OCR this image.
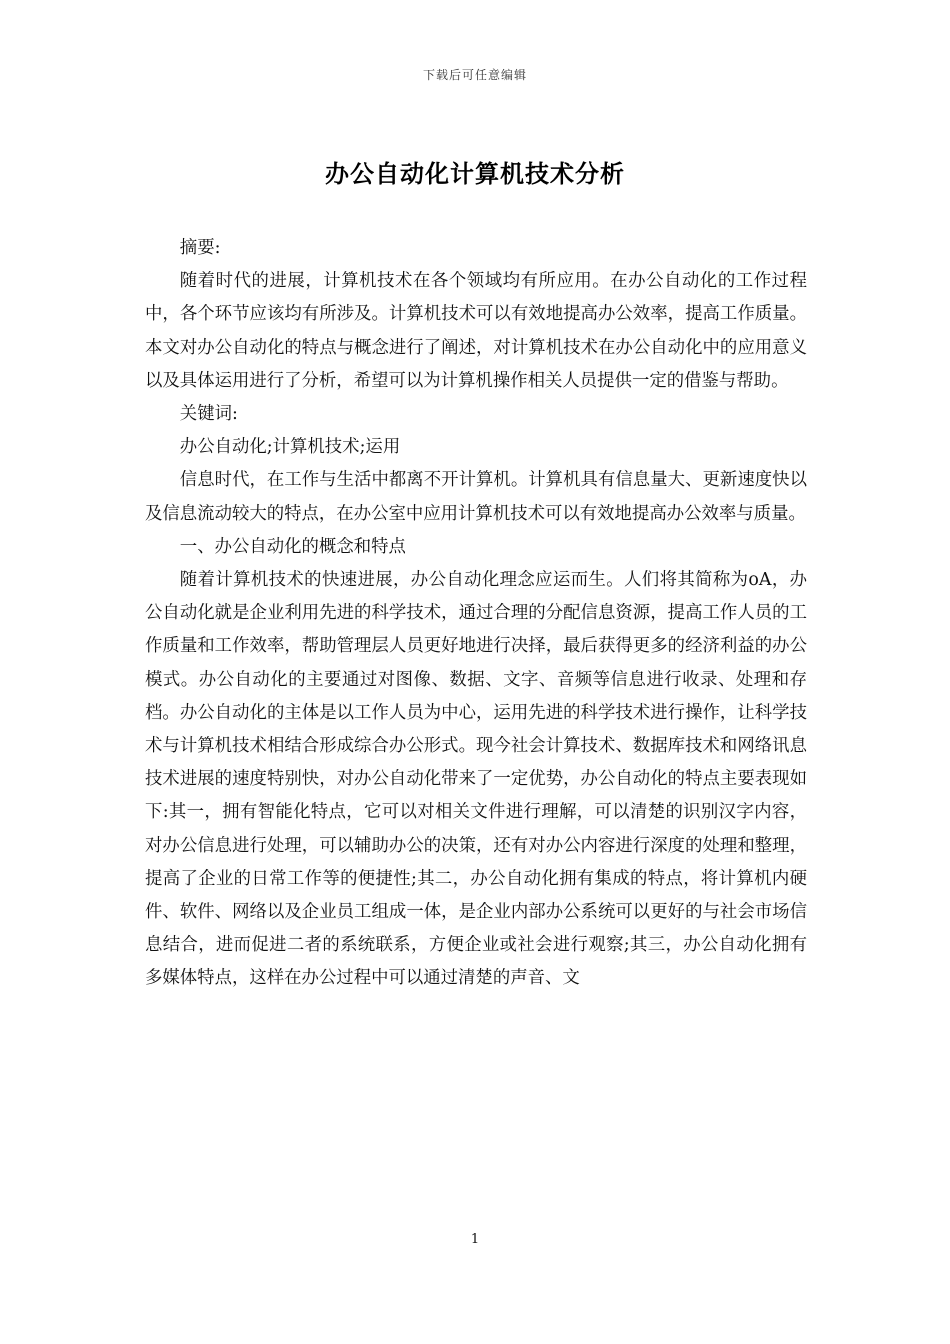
下载后可任意编辑
办公自动化计算机技术分析

摘要:

随着时代的进展，计算机技术在各个领域均有所应用。在办公自动化的工作过程中，各个环节应该均有所涉及。计算机技术可以有效地提高办公效率，提高工作质量。本文对办公自动化的特点与概念进行了阐述，对计算机技术在办公自动化中的应用意义以及具体运用进行了分析，希望可以为计算机操作相关人员提供一定的借鉴与帮助。

关键词:

办公自动化;计算机技术;运用

信息时代，在工作与生活中都离不开计算机。计算机具有信息量大、更新速度快以及信息流动较大的特点，在办公室中应用计算机技术可以有效地提高办公效率与质量。

一、办公自动化的概念和特点

随着计算机技术的快速进展，办公自动化理念应运而生。人们将其简称为oA，办公自动化就是企业利用先进的科学技术，通过合理的分配信息资源，提高工作人员的工作质量和工作效率，帮助管理层人员更好地进行决择，最后获得更多的经济利益的办公模式。办公自动化的主要通过对图像、数据、文字、音频等信息进行收录、处理和存档。办公自动化的主体是以工作人员为中心，运用先进的科学技术进行操作，让科学技术与计算机技术相结合形成综合办公形式。现今社会计算技术、数据库技术和网络讯息技术进展的速度特别快，对办公自动化带来了一定优势，办公自动化的特点主要表现如下:其一，拥有智能化特点，它可以对相关文件进行理解，可以清楚的识别汉字内容，对办公信息进行处理，可以辅助办公的决策，还有对办公内容进行深度的处理和整理，提高了企业的日常工作等的便捷性;其二，办公自动化拥有集成的特点，将计算机内硬件、软件、网络以及企业员工组成一体，是企业内部办公系统可以更好的与社会市场信息结合，进而促进二者的系统联系，方便企业或社会进行观察;其三，办公自动化拥有多媒体特点，这样在办公过程中可以通过清楚的声音、文

1
